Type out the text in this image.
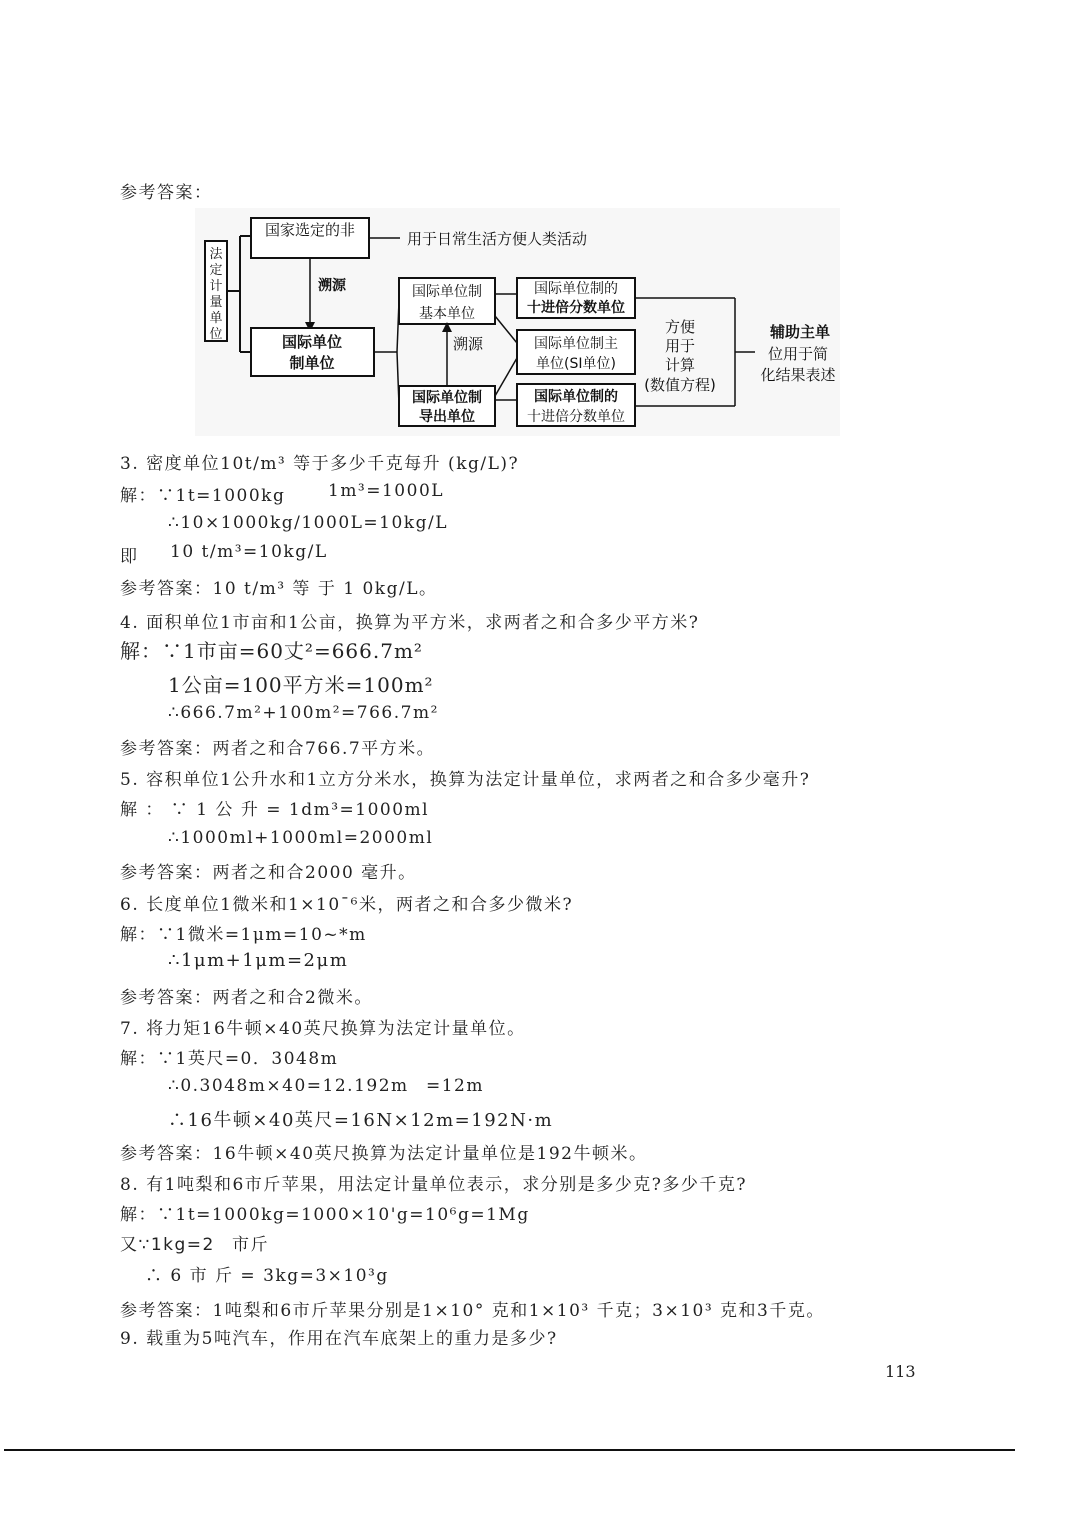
参考答案：
法
定
计
量
单
位
国家选定的非	用于日常生活方便人类活动
溯源
国际单位
制单位
国际单位制
基本单位
国际单位制
导出单位
溯源
国际单位制的
十进倍分数单位
国际单位制主
单位(SI单位)
国际单位制的
十进倍分数单位
方便
用于
计算
(数值方程)
辅助主单
位用于简
化结果表述
3. 密度单位10t/m³ 等于多少千克每升 (kg/L)?
解：∵1t=1000kg	1m³=1000L
∴10×1000kg/1000L=10kg/L
即 10 t/m³=10kg/L
参考答案：10 t/m³ 等 于 1 0kg/L。
4. 面积单位1市亩和1公亩，换算为平方米，求两者之和合多少平方米?
解：∵1市亩=60丈²=666.7m²
1公亩=100平方米=100m²
∴666.7m²+100m²=766.7m²
参考答案：两者之和合766.7平方米。
5. 容积单位1公升水和1立方分米水，换算为法定计量单位，求两者之和合多少毫升?
解 ： ∵ 1 公 升 = 1dm³=1000ml
∴1000ml+1000ml=2000ml
参考答案：两者之和合2000 毫升。
6. 长度单位1微米和1×10ˉ⁶米，两者之和合多少微米?
解：∵1微米=1μm=10~*m
∴1μm+1μm=2μm
参考答案：两者之和合2微米。
7. 将力矩16牛顿×40英尺换算为法定计量单位。
解：∵1英尺=0．3048m
∴0.3048m×40=12.192m =12m
∴16牛顿×40英尺=16N×12m=192N·m
参考答案：16牛顿×40英尺换算为法定计量单位是192牛顿米。
8. 有1吨梨和6市斤苹果，用法定计量单位表示，求分别是多少克?多少千克?
解：∵1t=1000kg=1000×10'g=10⁶g=1Mg
又∵1kg=2 市斤
∴ 6 市 斤 = 3kg=3×10³g
参考答案：1吨梨和6市斤苹果分别是1×10° 克和1×10³ 千克；3×10³ 克和3千克。
9. 载重为5吨汽车，作用在汽车底架上的重力是多少?
113
